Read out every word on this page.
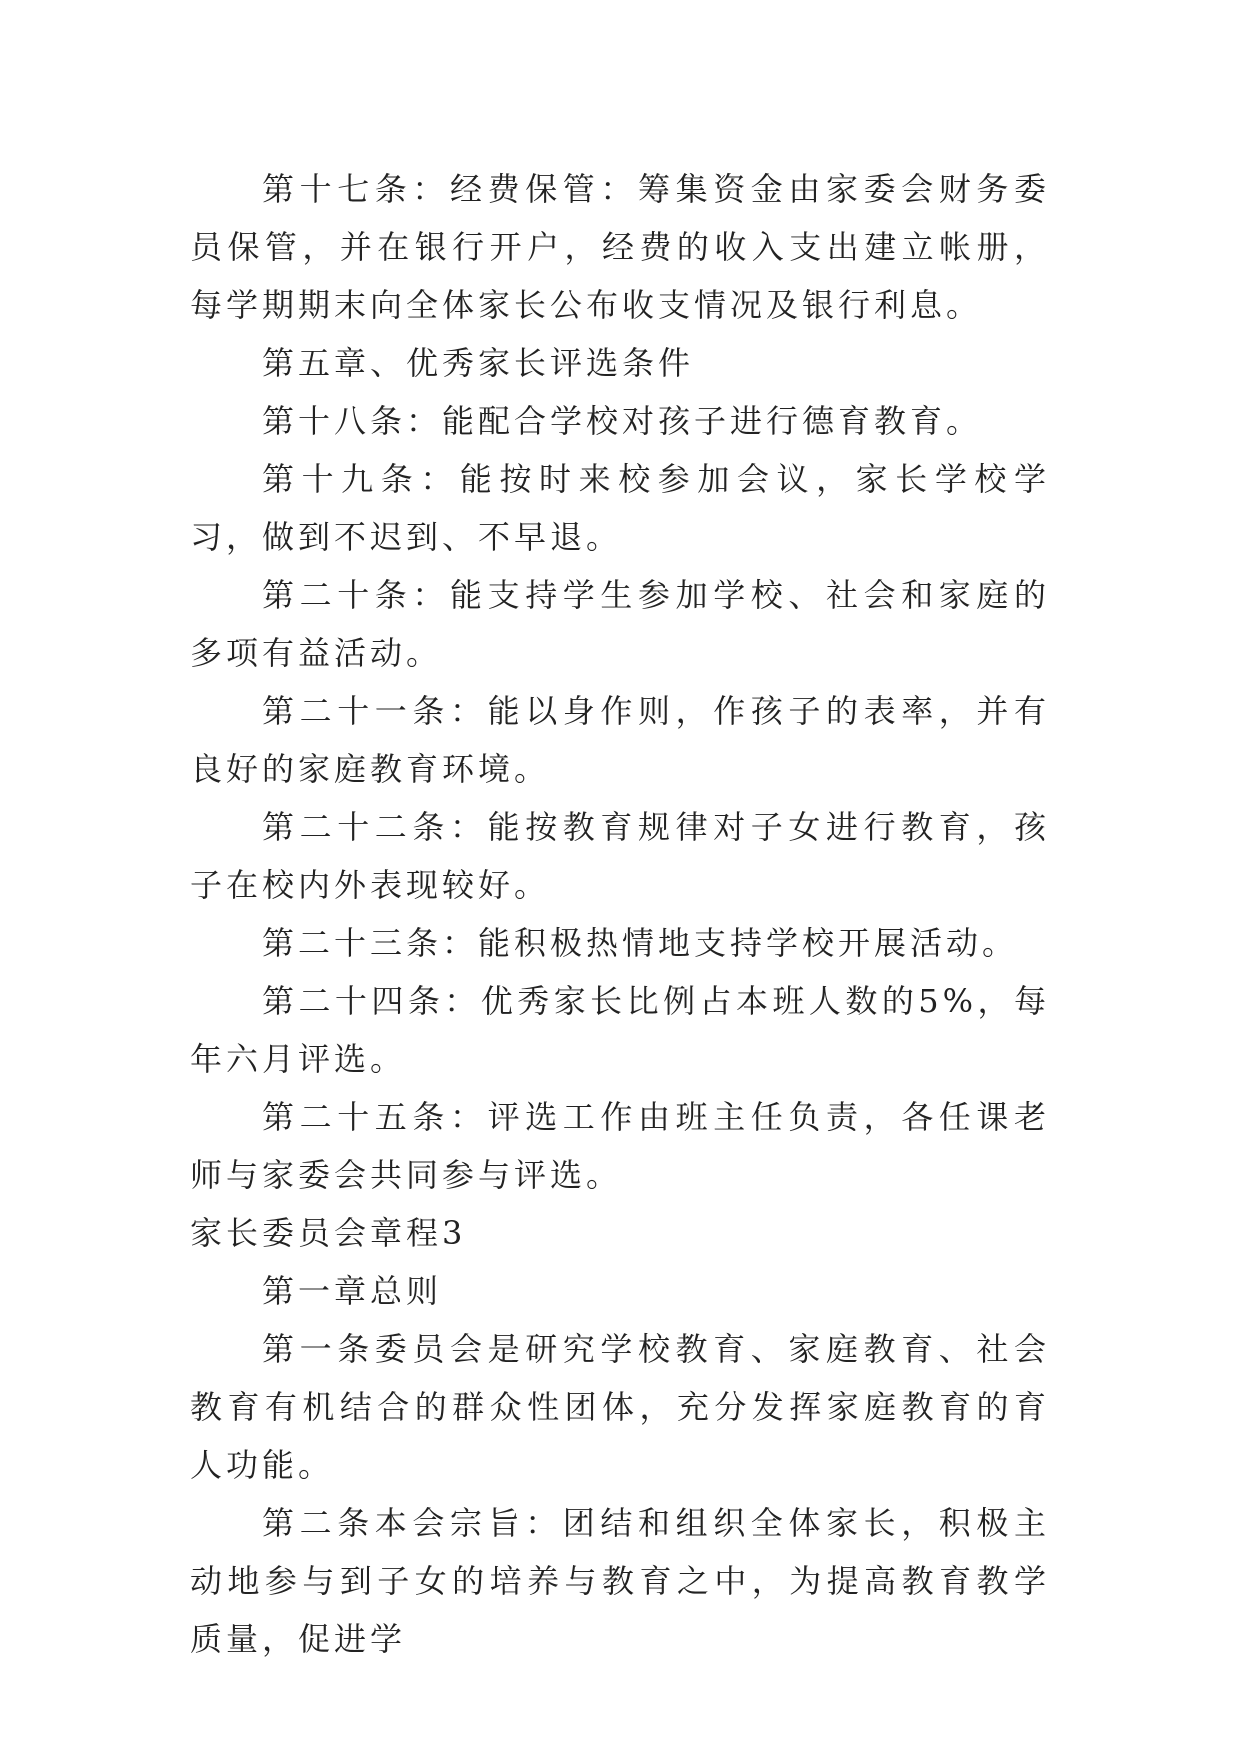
第十七条：经费保管：筹集资金由家委会财务委员保管，并在银行开户，经费的收入支出建立帐册，每学期期末向全体家长公布收支情况及银行利息。

第五章、优秀家长评选条件

第十八条：能配合学校对孩子进行德育教育。

第十九条：能按时来校参加会议，家长学校学习，做到不迟到、不早退。

第二十条：能支持学生参加学校、社会和家庭的多项有益活动。

第二十一条：能以身作则，作孩子的表率，并有良好的家庭教育环境。

第二十二条：能按教育规律对子女进行教育，孩子在校内外表现较好。

第二十三条：能积极热情地支持学校开展活动。

第二十四条：优秀家长比例占本班人数的5%，每年六月评选。

第二十五条：评选工作由班主任负责，各任课老师与家委会共同参与评选。

家长委员会章程3

第一章总则

第一条委员会是研究学校教育、家庭教育、社会教育有机结合的群众性团体，充分发挥家庭教育的育人功能。

第二条本会宗旨：团结和组织全体家长，积极主动地参与到子女的培养与教育之中，为提高教育教学质量，促进学
